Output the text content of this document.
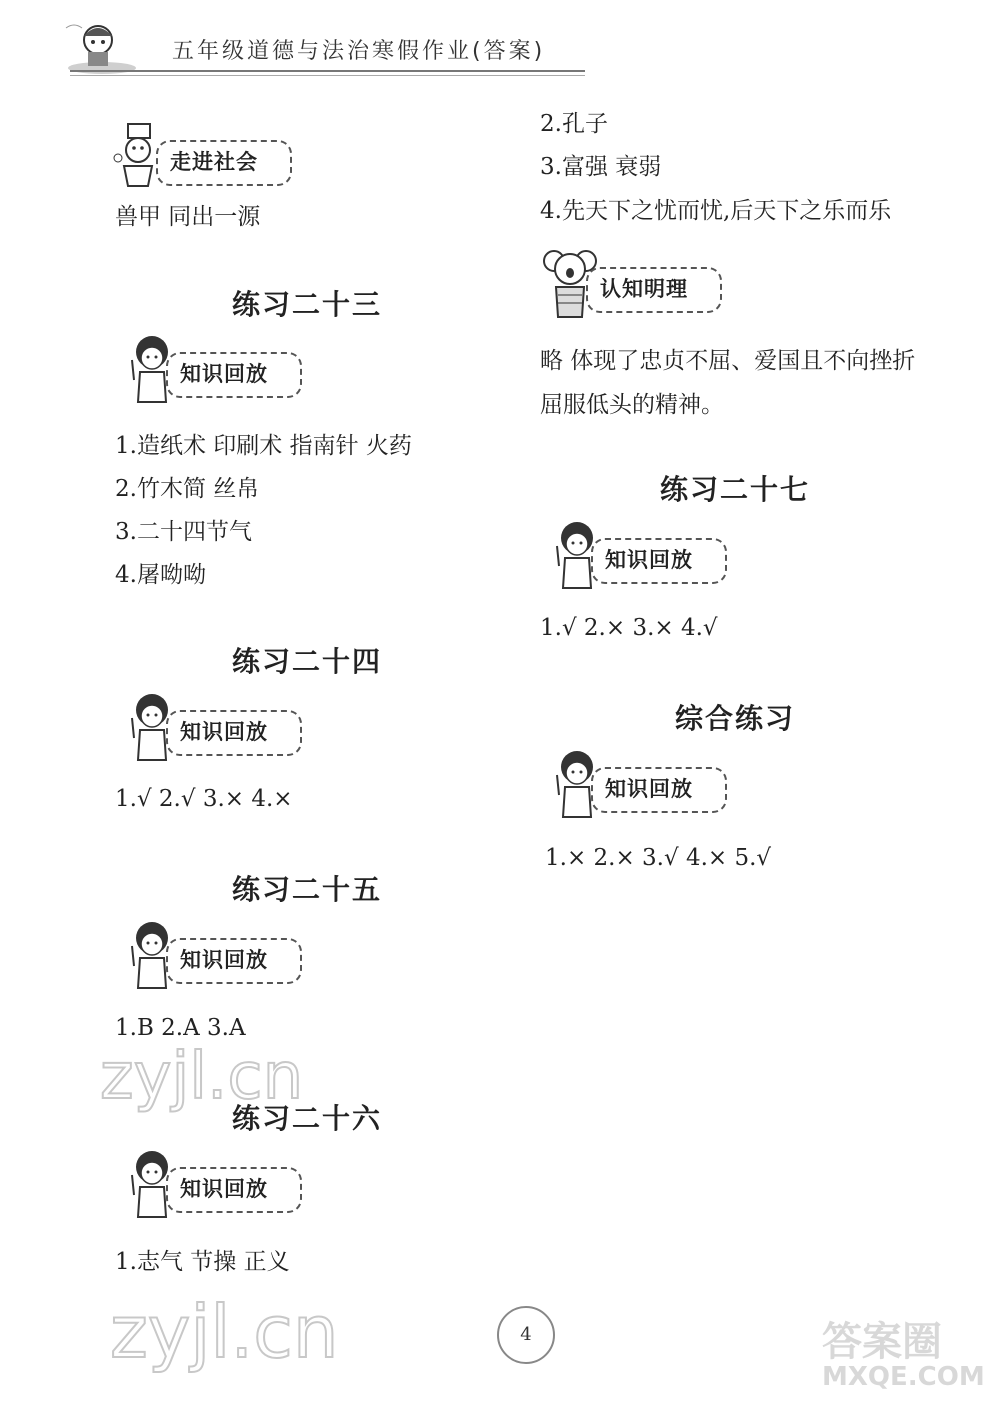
五年级道德与法治寒假作业(答案)
走进社会
兽甲 同出一源
练习二十三
知识回放
1.造纸术 印刷术 指南针 火药
2.竹木简 丝帛
3.二十四节气
4.屠呦呦
练习二十四
知识回放
1.√ 2.√ 3.× 4.×
练习二十五
知识回放
1.B 2.A 3.A
练习二十六
知识回放
1.志气 节操 正义
2.孔子
3.富强 衰弱
4.先天下之忧而忧,后天下之乐而乐
认知明理
略 体现了忠贞不屈、爱国且不向挫折
屈服低头的精神。
练习二十七
知识回放
1.√ 2.× 3.× 4.√
综合练习
知识回放
1.× 2.× 3.√ 4.× 5.√
zyjl.cn
zyjl.cn	答案圈
MXQE.COM
4
